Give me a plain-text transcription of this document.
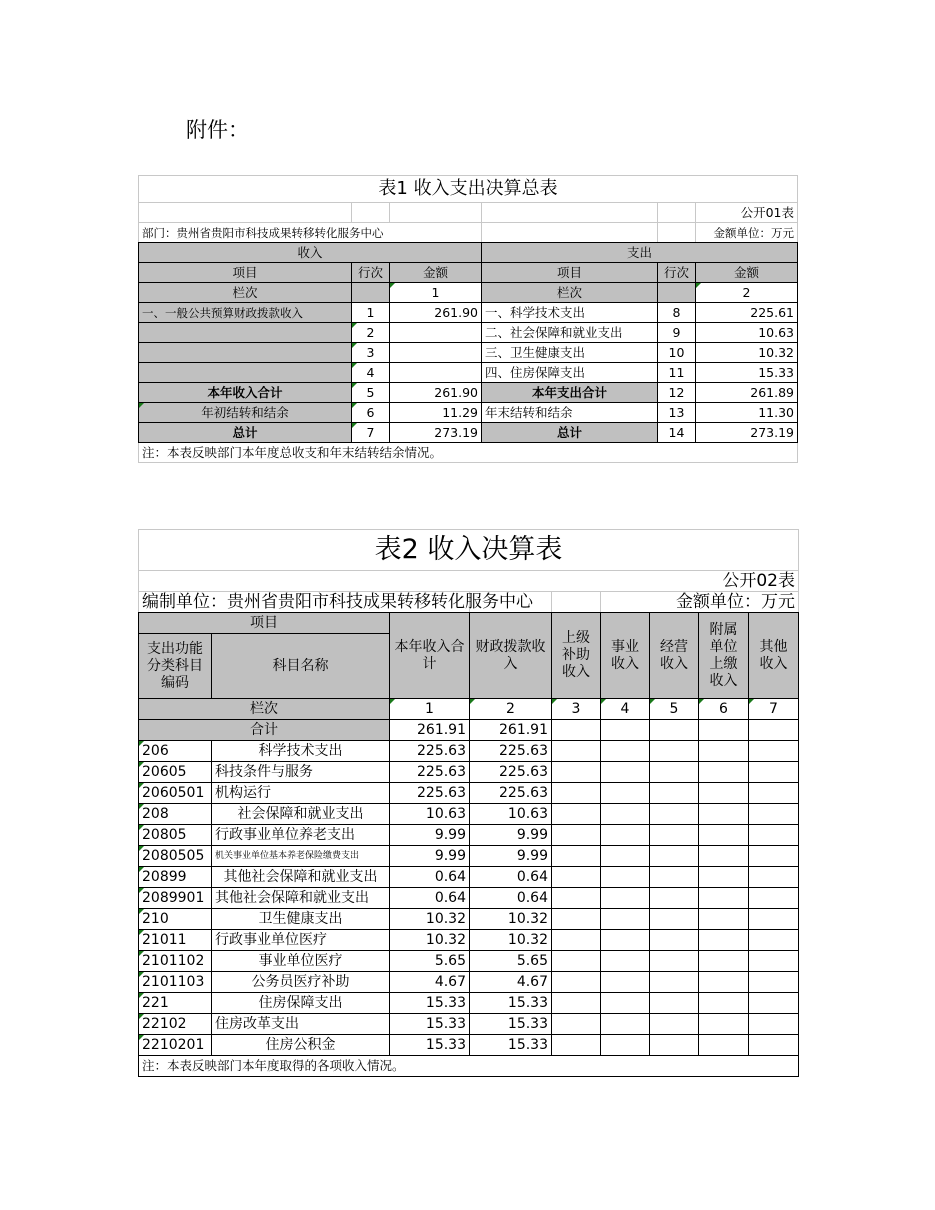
附件：
表1 收入支出决算总表					
					公开01表
部门：贵州省贵阳市科技成果转移转化服务中心					金额单位：万元
收入			支出		
项目	行次	金额	项目	行次	金额
栏次		1	栏次		2
一、一般公共预算财政拨款收入	1	261.90	一、科学技术支出	8	225.61
	2		二、社会保障和就业支出	9	10.63
	3		三、卫生健康支出	10	10.32
	4		四、住房保障支出	11	15.33
本年收入合计	5	261.90	本年支出合计	12	261.89
年初结转和结余	6	11.29	年末结转和结余	13	11.30
总计	7	273.19	总计	14	273.19
注：本表反映部门本年度总收支和年末结转结余情况。					
表2 收入决算表								
公开02表								
编制单位：贵州省贵阳市科技成果转移转化服务中心					金额单位：万元			
项目		本年收入合计	财政拨款收入	上级补助收入	事业收入	经营收入	附属单位上缴收入	其他收入
支出功能分类科目编码	科目名称							
栏次		1	2	3	4	5	6	7
合计		261.91	261.91					
206	科学技术支出	225.63	225.63					
20605	科技条件与服务	225.63	225.63					
2060501	机构运行	225.63	225.63					
208	社会保障和就业支出	10.63	10.63					
20805	行政事业单位养老支出	9.99	9.99					
2080505	机关事业单位基本养老保险缴费支出	9.99	9.99					
20899	其他社会保障和就业支出	0.64	0.64					
2089901	其他社会保障和就业支出	0.64	0.64					
210	卫生健康支出	10.32	10.32					
21011	行政事业单位医疗	10.32	10.32					
2101102	事业单位医疗	5.65	5.65					
2101103	公务员医疗补助	4.67	4.67					
221	住房保障支出	15.33	15.33					
22102	住房改革支出	15.33	15.33					
2210201	住房公积金	15.33	15.33					
注：本表反映部门本年度取得的各项收入情况。								
